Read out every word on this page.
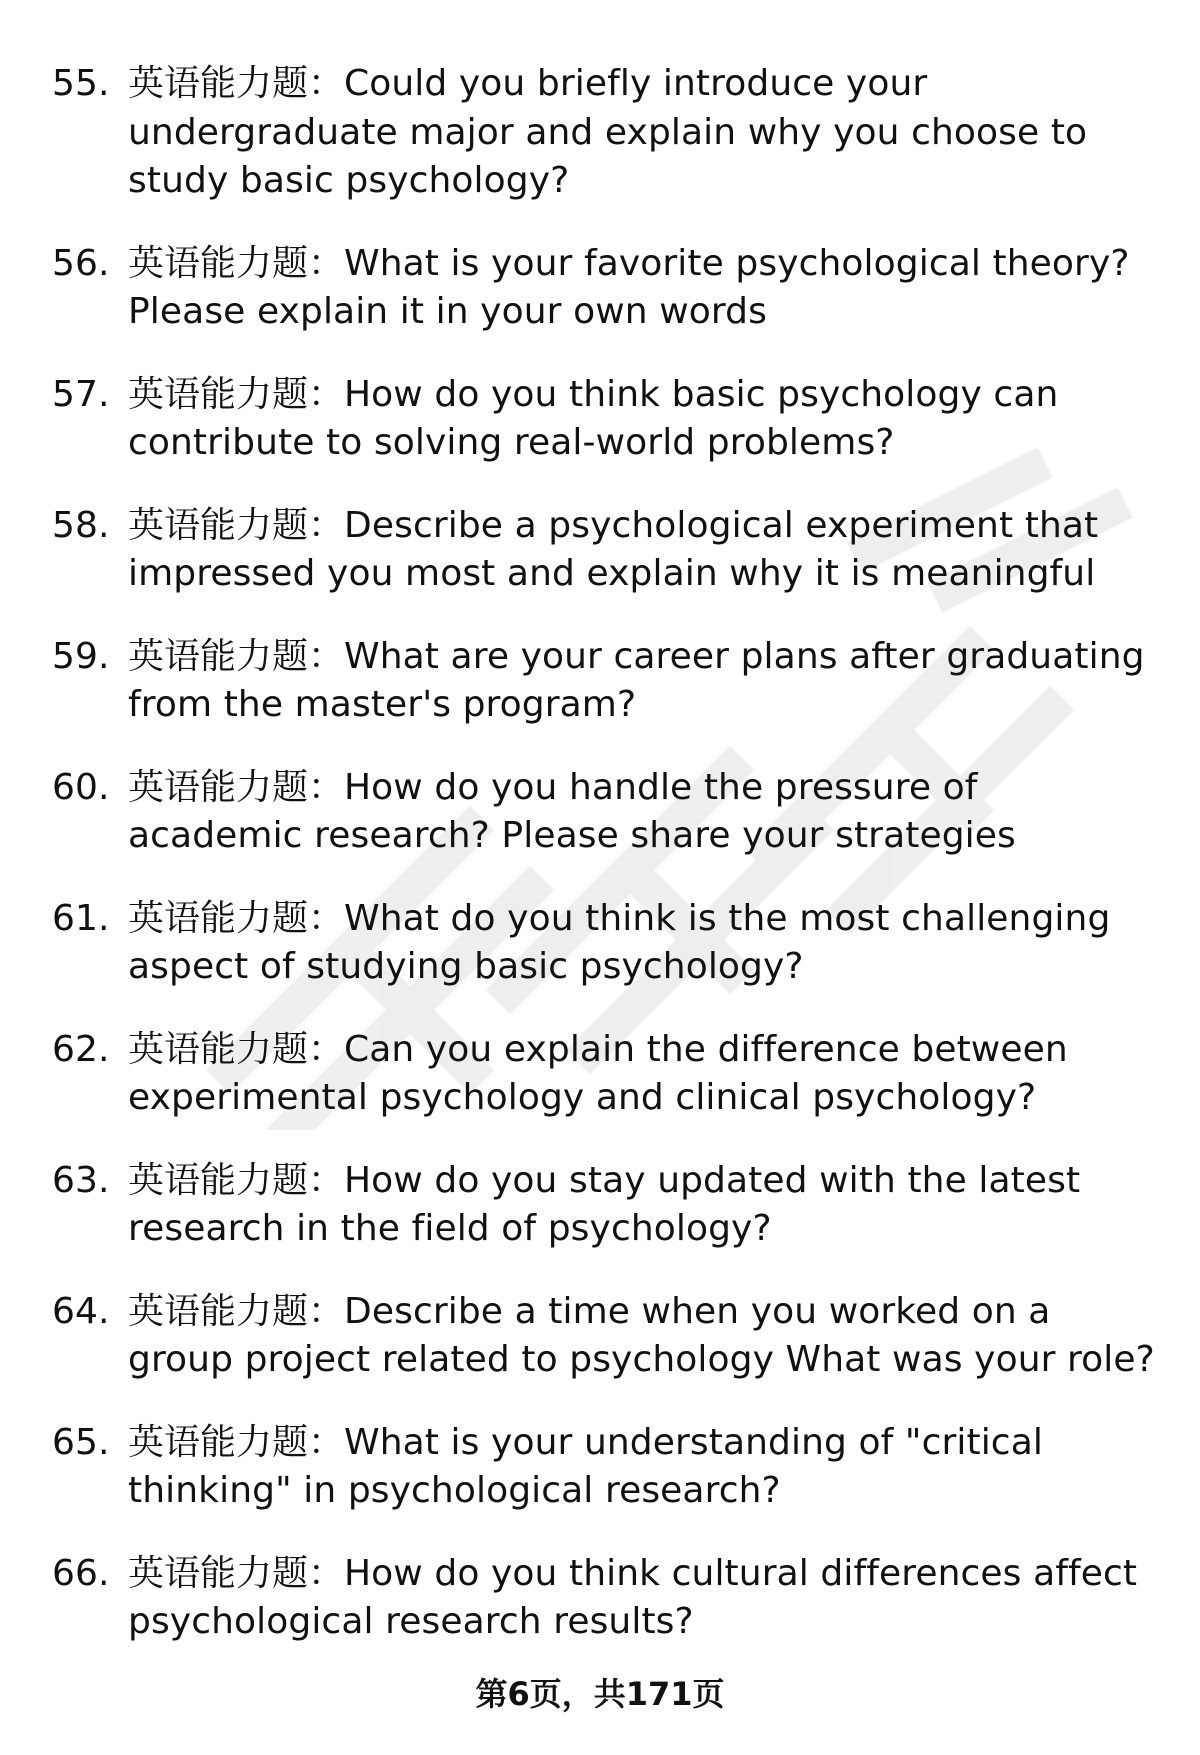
55. 英语能力题：Could you briefly introduce your undergraduate major and explain why you choose to study basic psychology?
56. 英语能力题：What is your favorite psychological theory? Please explain it in your own words
57. 英语能力题：How do you think basic psychology can contribute to solving real-world problems?
58. 英语能力题：Describe a psychological experiment that impressed you most and explain why it is meaningful
59. 英语能力题：What are your career plans after graduating from the master's program?
60. 英语能力题：How do you handle the pressure of academic research? Please share your strategies
61. 英语能力题：What do you think is the most challenging aspect of studying basic psychology?
62. 英语能力题：Can you explain the difference between experimental psychology and clinical psychology?
63. 英语能力题：How do you stay updated with the latest research in the field of psychology?
64. 英语能力题：Describe a time when you worked on a group project related to psychology What was your role?
65. 英语能力题：What is your understanding of "critical thinking" in psychological research?
66. 英语能力题：How do you think cultural differences affect psychological research results?
第6页，共171页
